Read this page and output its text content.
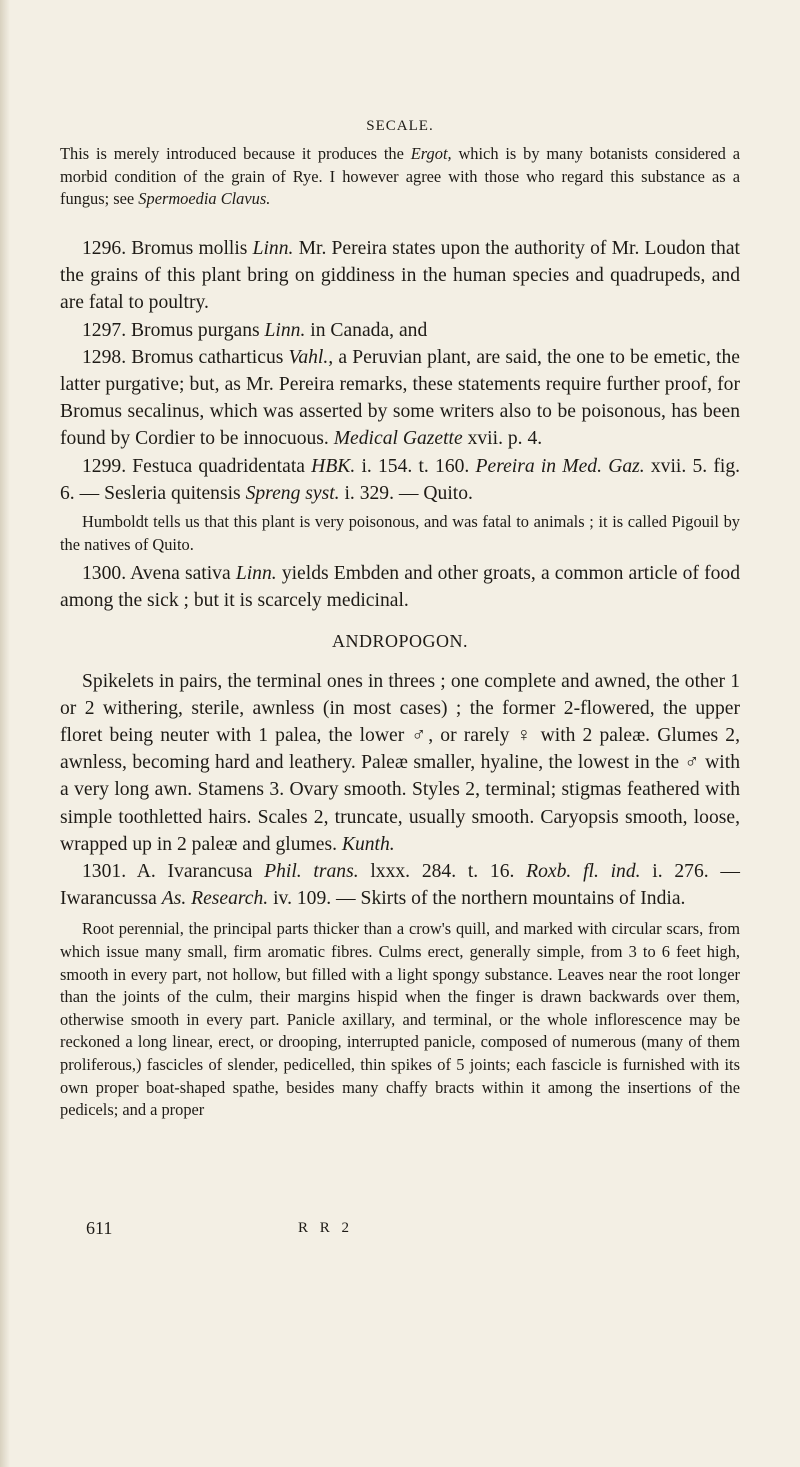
SECALE.

This is merely introduced because it produces the Ergot, which is by many botanists considered a morbid condition of the grain of Rye. I however agree with those who regard this substance as a fungus; see Spermoedia Clavus.

1296. Bromus mollis Linn. Mr. Pereira states upon the authority of Mr. Loudon that the grains of this plant bring on giddiness in the human species and quadrupeds, and are fatal to poultry.

1297. Bromus purgans Linn. in Canada, and

1298. Bromus catharticus Vahl., a Peruvian plant, are said, the one to be emetic, the latter purgative; but, as Mr. Pereira remarks, these statements require further proof, for Bromus secalinus, which was asserted by some writers also to be poisonous, has been found by Cordier to be innocuous. Medical Gazette xvii. p. 4.

1299. Festuca quadridentata HBK. i. 154. t. 160. Pereira in Med. Gaz. xvii. 5. fig. 6. — Sesleria quitensis Spreng syst. i. 329. — Quito.

Humboldt tells us that this plant is very poisonous, and was fatal to animals ; it is called Pigouil by the natives of Quito.

1300. Avena sativa Linn. yields Embden and other groats, a common article of food among the sick ; but it is scarcely medicinal.

ANDROPOGON.

Spikelets in pairs, the terminal ones in threes ; one complete and awned, the other 1 or 2 withering, sterile, awnless (in most cases) ; the former 2-flowered, the upper floret being neuter with 1 palea, the lower ♂, or rarely ♀ with 2 paleæ. Glumes 2, awnless, becoming hard and leathery. Paleæ smaller, hyaline, the lowest in the ♂ with a very long awn. Stamens 3. Ovary smooth. Styles 2, terminal; stigmas feathered with simple toothletted hairs. Scales 2, truncate, usually smooth. Caryopsis smooth, loose, wrapped up in 2 paleæ and glumes. Kunth.

1301. A. Ivarancusa Phil. trans. lxxx. 284. t. 16. Roxb. fl. ind. i. 276. — Iwarancussa As. Research. iv. 109. — Skirts of the northern mountains of India.

Root perennial, the principal parts thicker than a crow's quill, and marked with circular scars, from which issue many small, firm aromatic fibres. Culms erect, generally simple, from 3 to 6 feet high, smooth in every part, not hollow, but filled with a light spongy substance. Leaves near the root longer than the joints of the culm, their margins hispid when the finger is drawn backwards over them, otherwise smooth in every part. Panicle axillary, and terminal, or the whole inflorescence may be reckoned a long linear, erect, or drooping, interrupted panicle, composed of numerous (many of them proliferous,) fascicles of slender, pedicelled, thin spikes of 5 joints; each fascicle is furnished with its own proper boat-shaped spathe, besides many chaffy bracts within it among the insertions of the pedicels; and a proper

611	R R 2
